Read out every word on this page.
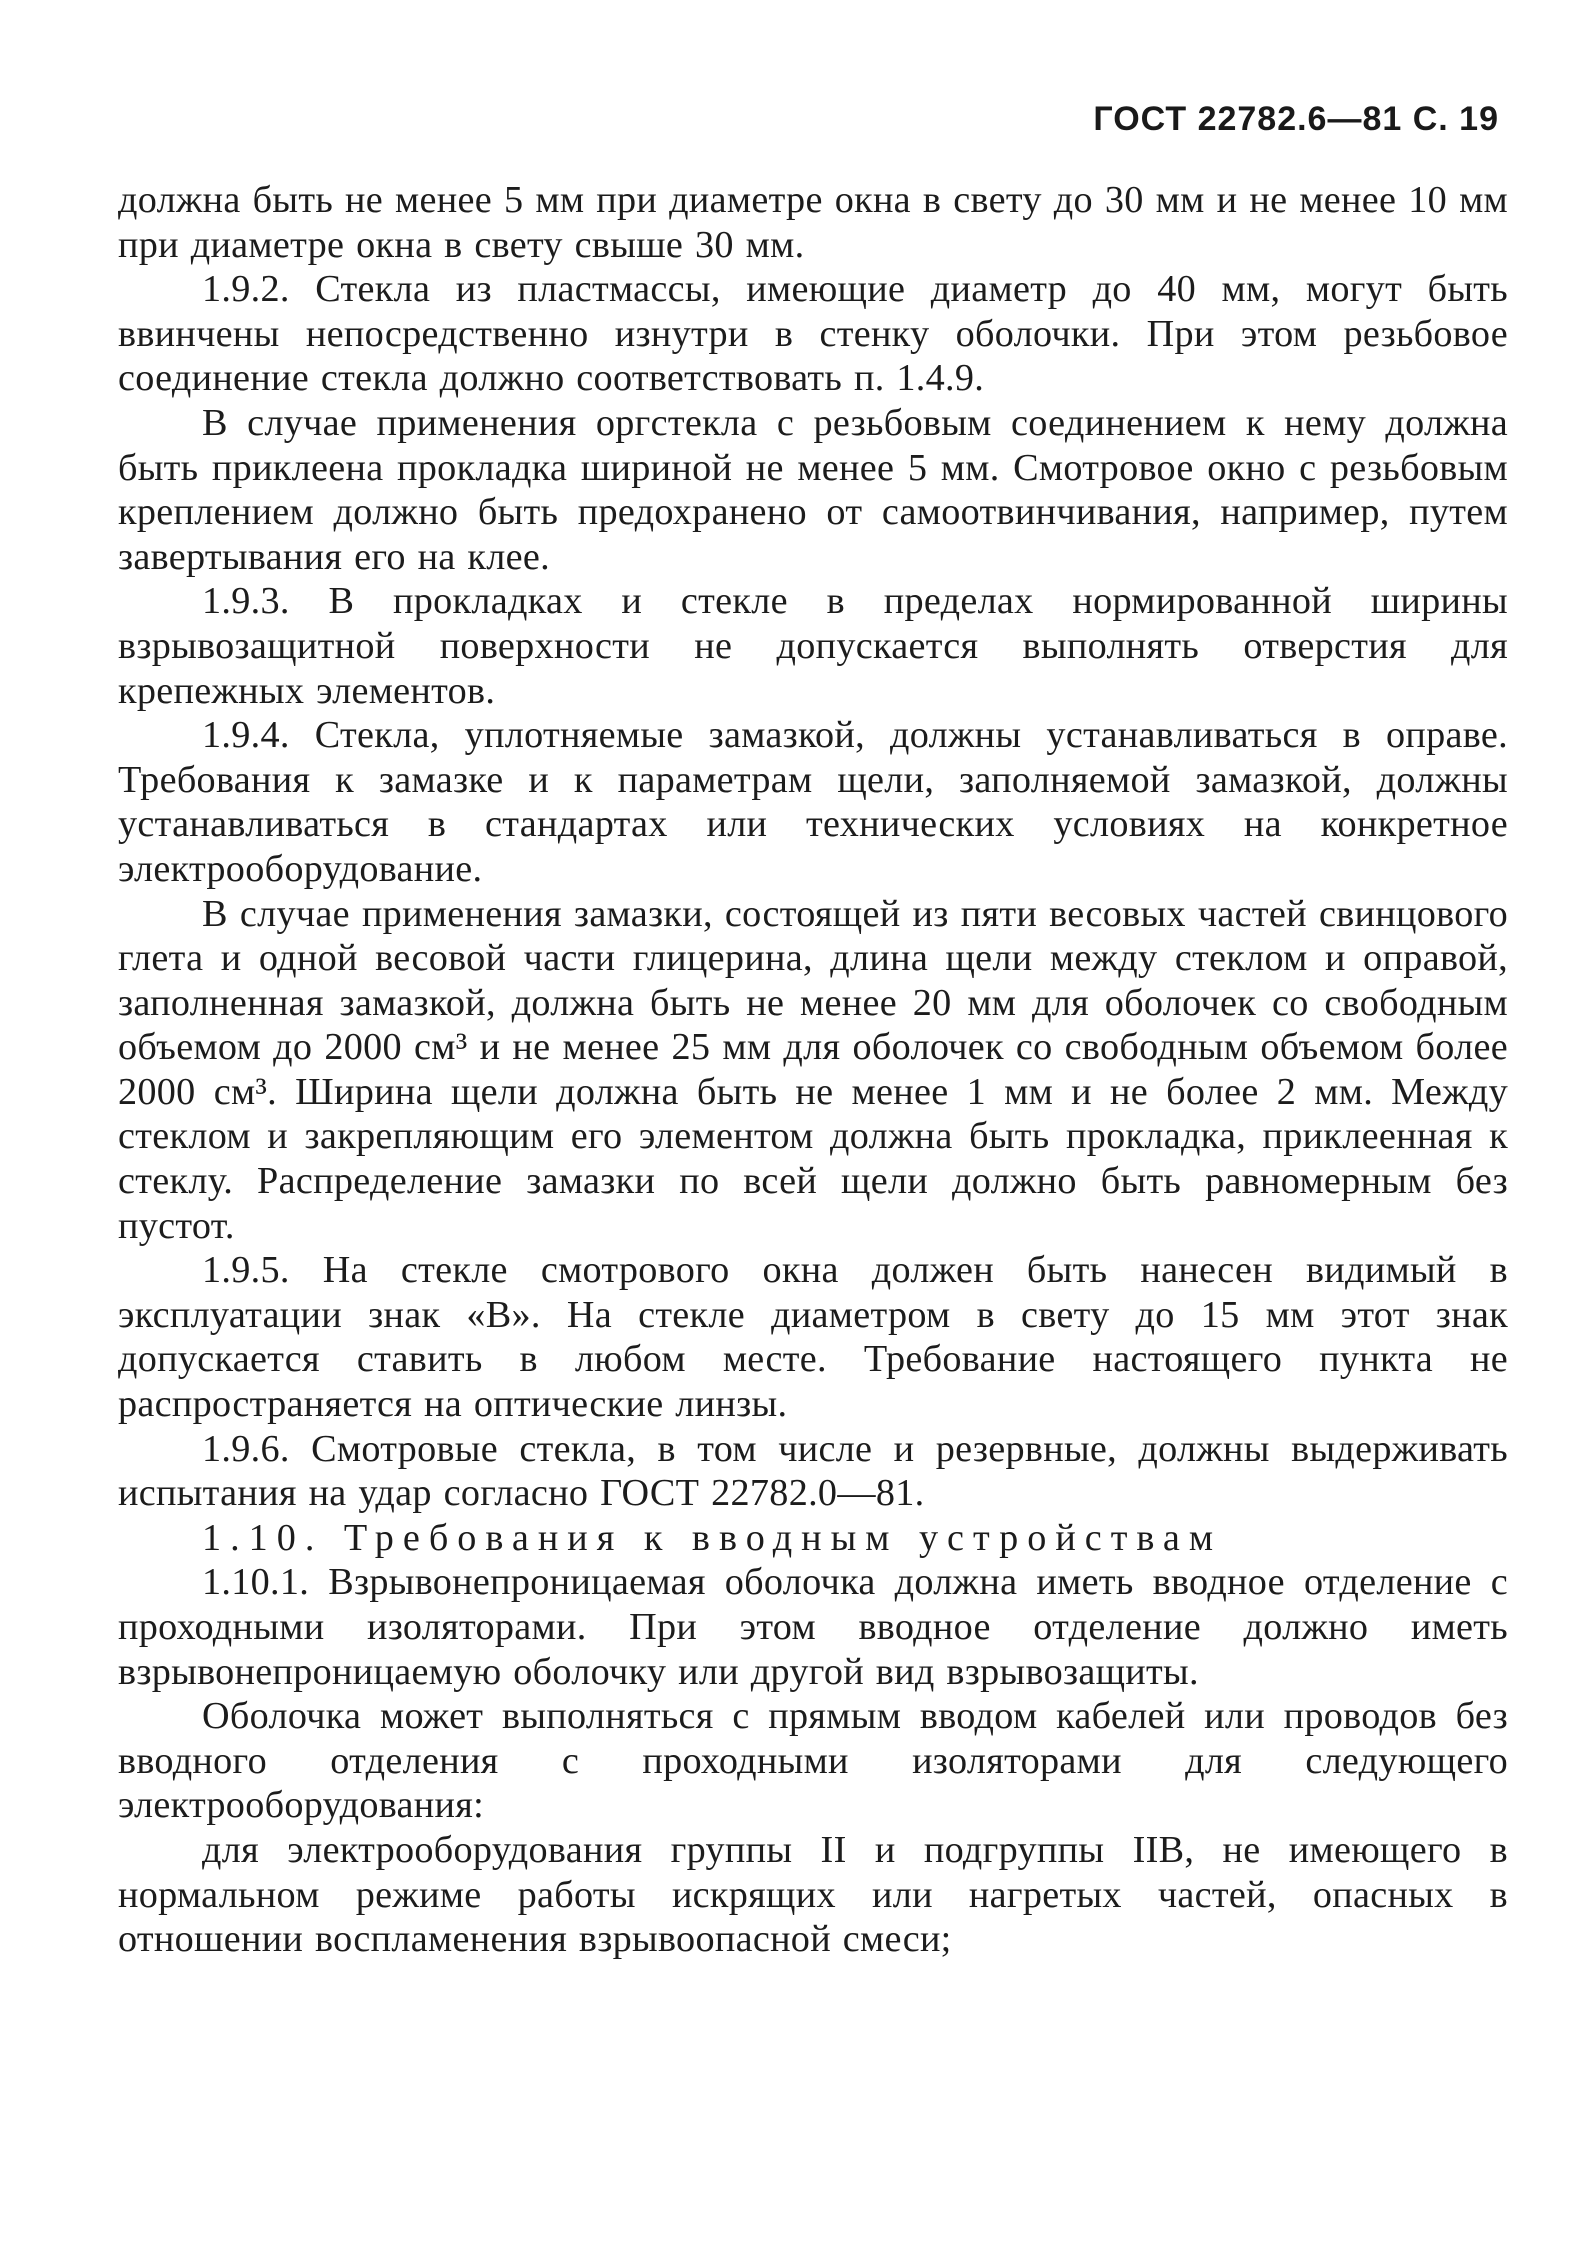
ГОСТ 22782.6—81 С. 19

должна быть не менее 5 мм при диаметре окна в свету до 30 мм и не менее 10 мм при диаметре окна в свету свыше 30 мм.

1.9.2. Стекла из пластмассы, имеющие диаметр до 40 мм, могут быть ввинчены непосредственно изнутри в стенку оболочки. При этом резьбовое соединение стекла должно соответствовать п. 1.4.9.

В случае применения оргстекла с резьбовым соединением к нему должна быть приклеена прокладка шириной не менее 5 мм. Смотровое окно с резьбовым креплением должно быть предохранено от самоотвинчивания, например, путем завертывания его на клее.

1.9.3. В прокладках и стекле в пределах нормированной ширины взрывозащитной поверхности не допускается выполнять отверстия для крепежных элементов.

1.9.4. Стекла, уплотняемые замазкой, должны устанавливаться в оправе. Требования к замазке и к параметрам щели, заполняемой замазкой, должны устанавливаться в стандартах или технических условиях на конкретное электрооборудование.

В случае применения замазки, состоящей из пяти весовых частей свинцового глета и одной весовой части глицерина, длина щели между стеклом и оправой, заполненная замазкой, должна быть не менее 20 мм для оболочек со свободным объемом до 2000 см³ и не менее 25 мм для оболочек со свободным объемом более 2000 см³. Ширина щели должна быть не менее 1 мм и не более 2 мм. Между стеклом и закрепляющим его элементом должна быть прокладка, приклеенная к стеклу. Распределение замазки по всей щели должно быть равномерным без пустот.

1.9.5. На стекле смотрового окна должен быть нанесен видимый в эксплуатации знак «В». На стекле диаметром в свету до 15 мм этот знак допускается ставить в любом месте. Требование настоящего пункта не распространяется на оптические линзы.

1.9.6. Смотровые стекла, в том числе и резервные, должны выдерживать испытания на удар согласно ГОСТ 22782.0—81.

1.10. Требования к вводным устройствам

1.10.1. Взрывонепроницаемая оболочка должна иметь вводное отделение с проходными изоляторами. При этом вводное отделение должно иметь взрывонепроницаемую оболочку или другой вид взрывозащиты.

Оболочка может выполняться с прямым вводом кабелей или проводов без вводного отделения с проходными изоляторами для следующего электрооборудования:

для электрооборудования группы II и подгруппы IIВ, не имеющего в нормальном режиме работы искрящих или нагретых частей, опасных в отношении воспламенения взрывоопасной смеси;
